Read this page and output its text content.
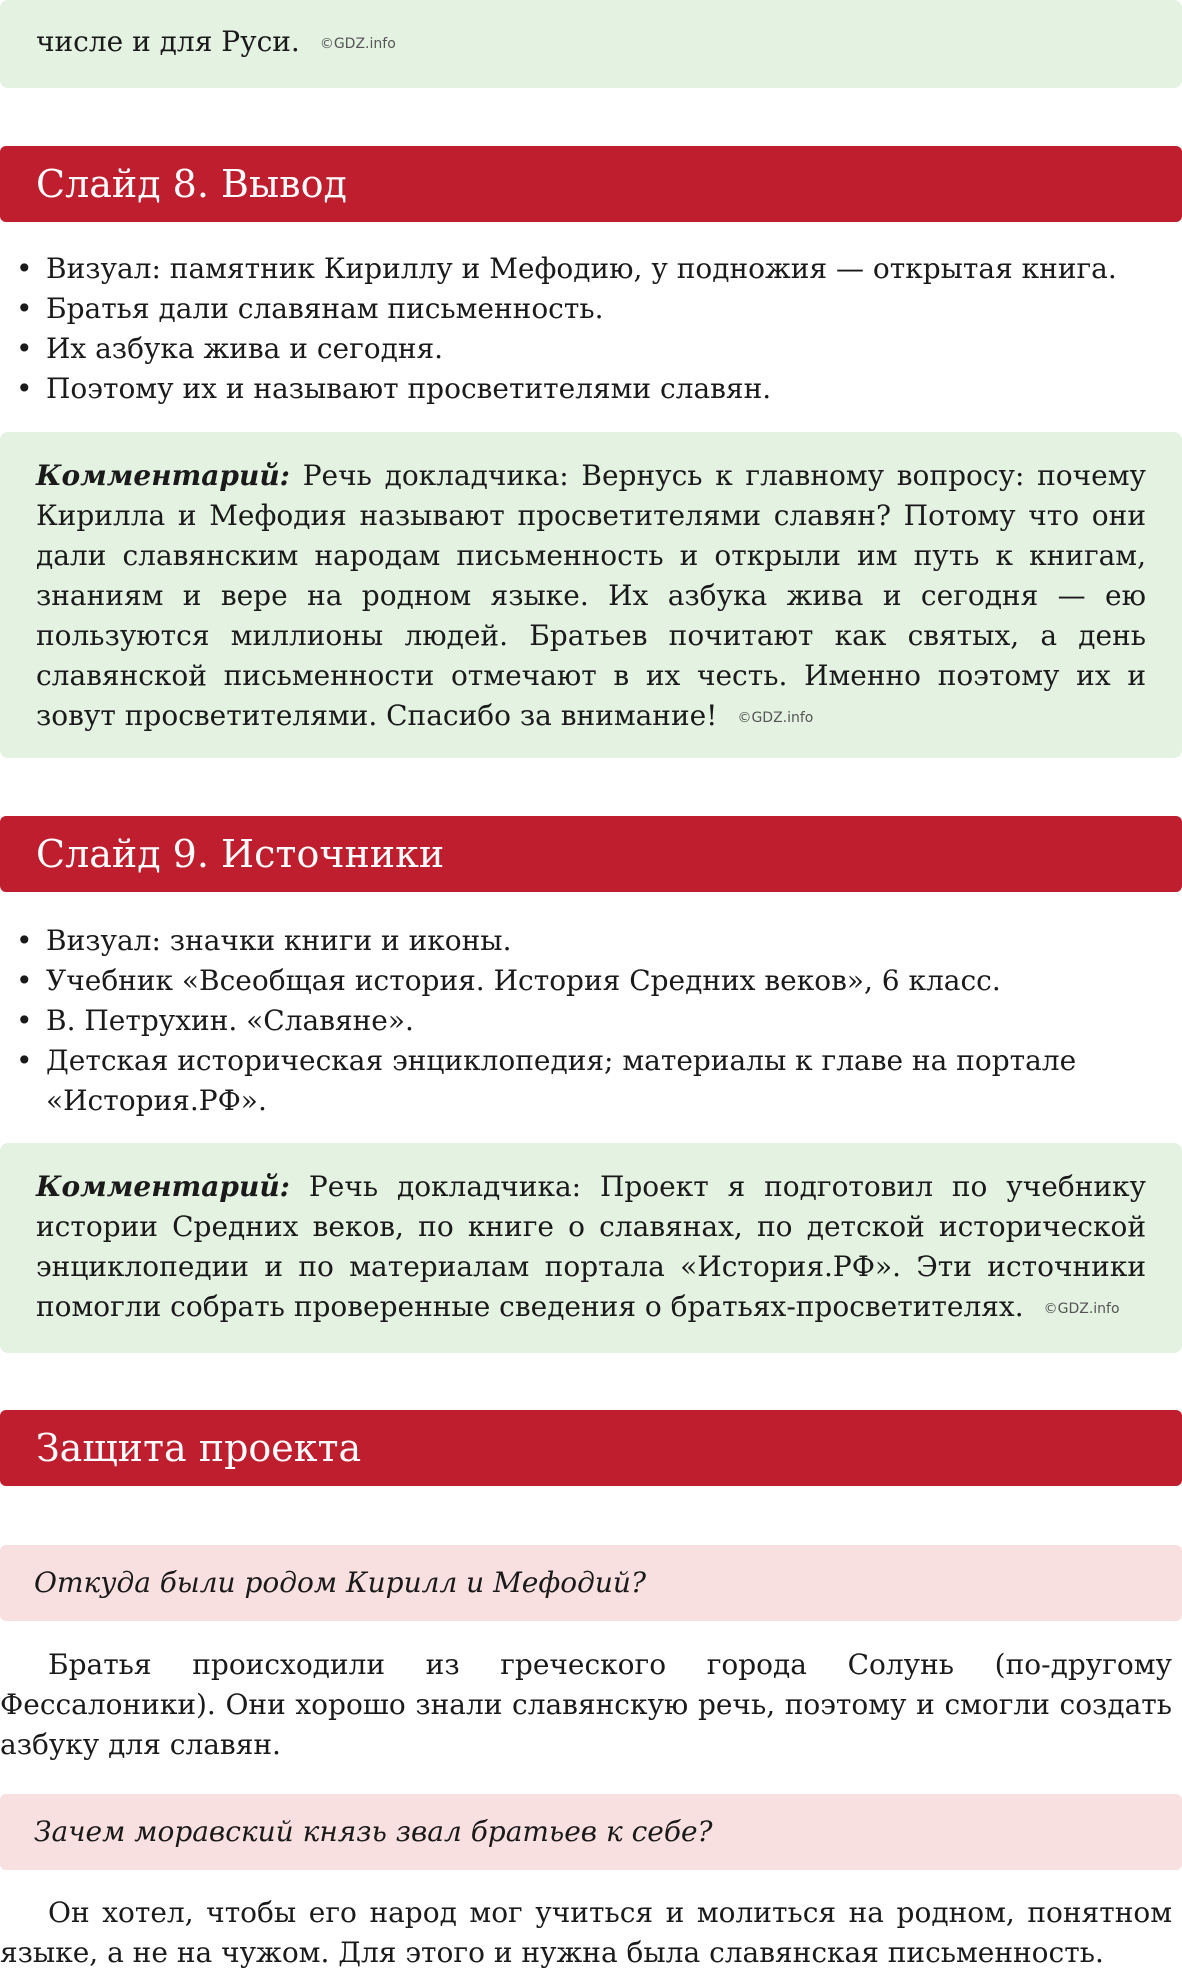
числе и для Руси. ©GDZ.info
Слайд 8. Вывод
• Визуал: памятник Кириллу и Мефодию, у подножия — открытая книга.
• Братья дали славянам письменность.
• Их азбука жива и сегодня.
• Поэтому их и называют просветителями славян.
Комментарий: Речь докладчика: Вернусь к главному вопросу: почему Кирилла и Мефодия называют просветителями славян? Потому что они дали славянским народам письменность и открыли им путь к книгам, знаниям и вере на родном языке. Их азбука жива и сегодня — ею пользуются миллионы людей. Братьев почитают как святых, а день славянской письменности отмечают в их честь. Именно поэтому их и зовут просветителями. Спасибо за внимание! ©GDZ.info
Слайд 9. Источники
• Визуал: значки книги и иконы.
• Учебник «Всеобщая история. История Средних веков», 6 класс.
• В. Петрухин. «Славяне».
• Детская историческая энциклопедия; материалы к главе на портале «История.РФ».
Комментарий: Речь докладчика: Проект я подготовил по учебнику истории Средних веков, по книге о славянах, по детской исторической энциклопедии и по материалам портала «История.РФ». Эти источники помогли собрать проверенные сведения о братьях-просветителях. ©GDZ.info
Защита проекта
Откуда были родом Кирилл и Мефодий?
Братья происходили из греческого города Солунь (по-другому Фессалоники). Они хорошо знали славянскую речь, поэтому и смогли создать азбуку для славян.
Зачем моравский князь звал братьев к себе?
Он хотел, чтобы его народ мог учиться и молиться на родном, понятном языке, а не на чужом. Для этого и нужна была славянская письменность.
